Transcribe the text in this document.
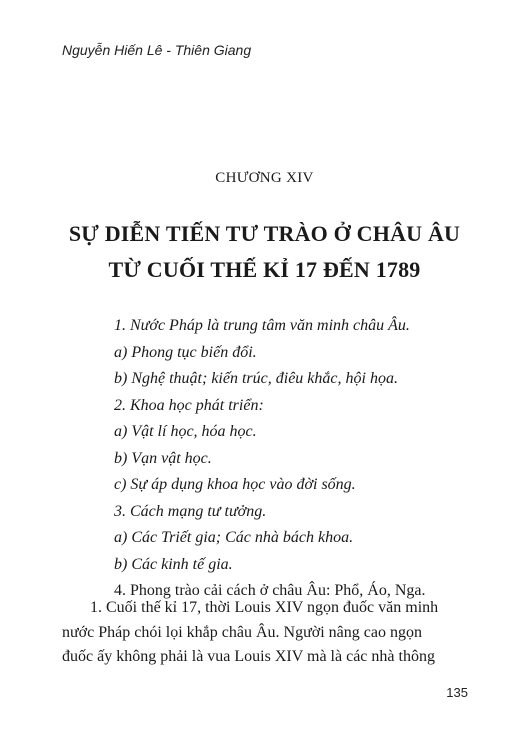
Nguyễn Hiến Lê - Thiên Giang
CHƯƠNG XIV
SỰ DIỄN TIẾN TƯ TRÀO Ở CHÂU ÂU
TỪ CUỐI THẾ KỈ 17 ĐẾN 1789
1. Nước Pháp là trung tâm văn minh châu Âu.
a) Phong tục biến đổi.
b) Nghệ thuật; kiến trúc, điêu khắc, hội họa.
2. Khoa học phát triển:
a) Vật lí học, hóa học.
b) Vạn vật học.
c) Sự áp dụng khoa học vào đời sống.
3. Cách mạng tư tưởng.
a) Các Triết gia; Các nhà bách khoa.
b) Các kinh tế gia.
4. Phong trào cải cách ở châu Âu: Phổ, Áo, Nga.
1. Cuối thế kỉ 17, thời Louis XIV ngọn đuốc văn minh
nước Pháp chói lọi khắp châu Âu. Người nâng cao ngọn
đuốc ấy không phải là vua Louis XIV mà là các nhà thông
135
